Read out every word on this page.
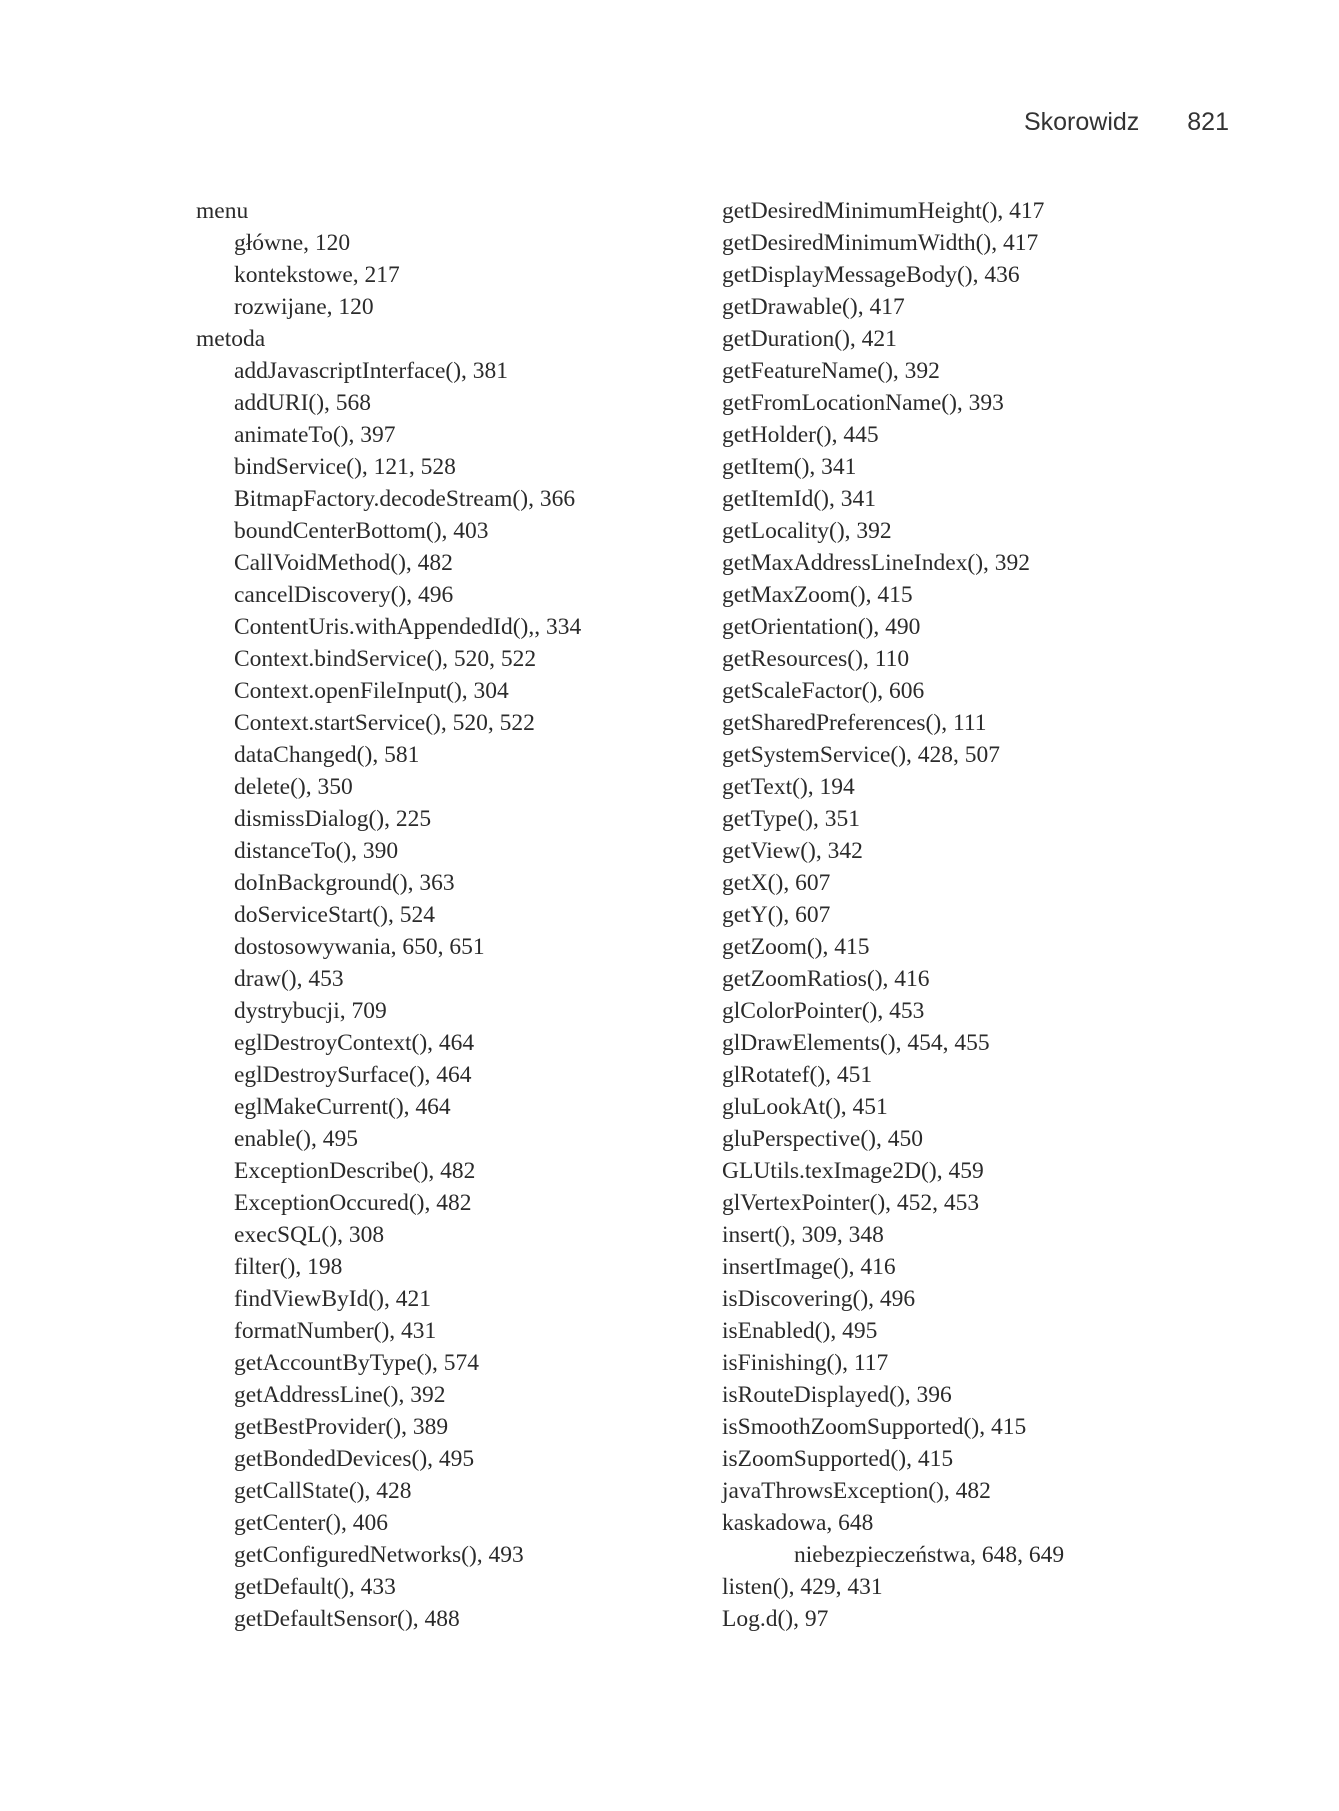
Skorowidz 821
menu
główne, 120
kontekstowe, 217
rozwijane, 120
metoda
addJavascriptInterface(), 381
addURI(), 568
animateTo(), 397
bindService(), 121, 528
BitmapFactory.decodeStream(), 366
boundCenterBottom(), 403
CallVoidMethod(), 482
cancelDiscovery(), 496
ContentUris.withAppendedId(),, 334
Context.bindService(), 520, 522
Context.openFileInput(), 304
Context.startService(), 520, 522
dataChanged(), 581
delete(), 350
dismissDialog(), 225
distanceTo(), 390
doInBackground(), 363
doServiceStart(), 524
dostosowywania, 650, 651
draw(), 453
dystrybucji, 709
eglDestroyContext(), 464
eglDestroySurface(), 464
eglMakeCurrent(), 464
enable(), 495
ExceptionDescribe(), 482
ExceptionOccured(), 482
execSQL(), 308
filter(), 198
findViewById(), 421
formatNumber(), 431
getAccountByType(), 574
getAddressLine(), 392
getBestProvider(), 389
getBondedDevices(), 495
getCallState(), 428
getCenter(), 406
getConfiguredNetworks(), 493
getDefault(), 433
getDefaultSensor(), 488
getDesiredMinimumHeight(), 417
getDesiredMinimumWidth(), 417
getDisplayMessageBody(), 436
getDrawable(), 417
getDuration(), 421
getFeatureName(), 392
getFromLocationName(), 393
getHolder(), 445
getItem(), 341
getItemId(), 341
getLocality(), 392
getMaxAddressLineIndex(), 392
getMaxZoom(), 415
getOrientation(), 490
getResources(), 110
getScaleFactor(), 606
getSharedPreferences(), 111
getSystemService(), 428, 507
getText(), 194
getType(), 351
getView(), 342
getX(), 607
getY(), 607
getZoom(), 415
getZoomRatios(), 416
glColorPointer(), 453
glDrawElements(), 454, 455
glRotatef(), 451
gluLookAt(), 451
gluPerspective(), 450
GLUtils.texImage2D(), 459
glVertexPointer(), 452, 453
insert(), 309, 348
insertImage(), 416
isDiscovering(), 496
isEnabled(), 495
isFinishing(), 117
isRouteDisplayed(), 396
isSmoothZoomSupported(), 415
isZoomSupported(), 415
javaThrowsException(), 482
kaskadowa, 648
niebezpieczeństwa, 648, 649
listen(), 429, 431
Log.d(), 97
